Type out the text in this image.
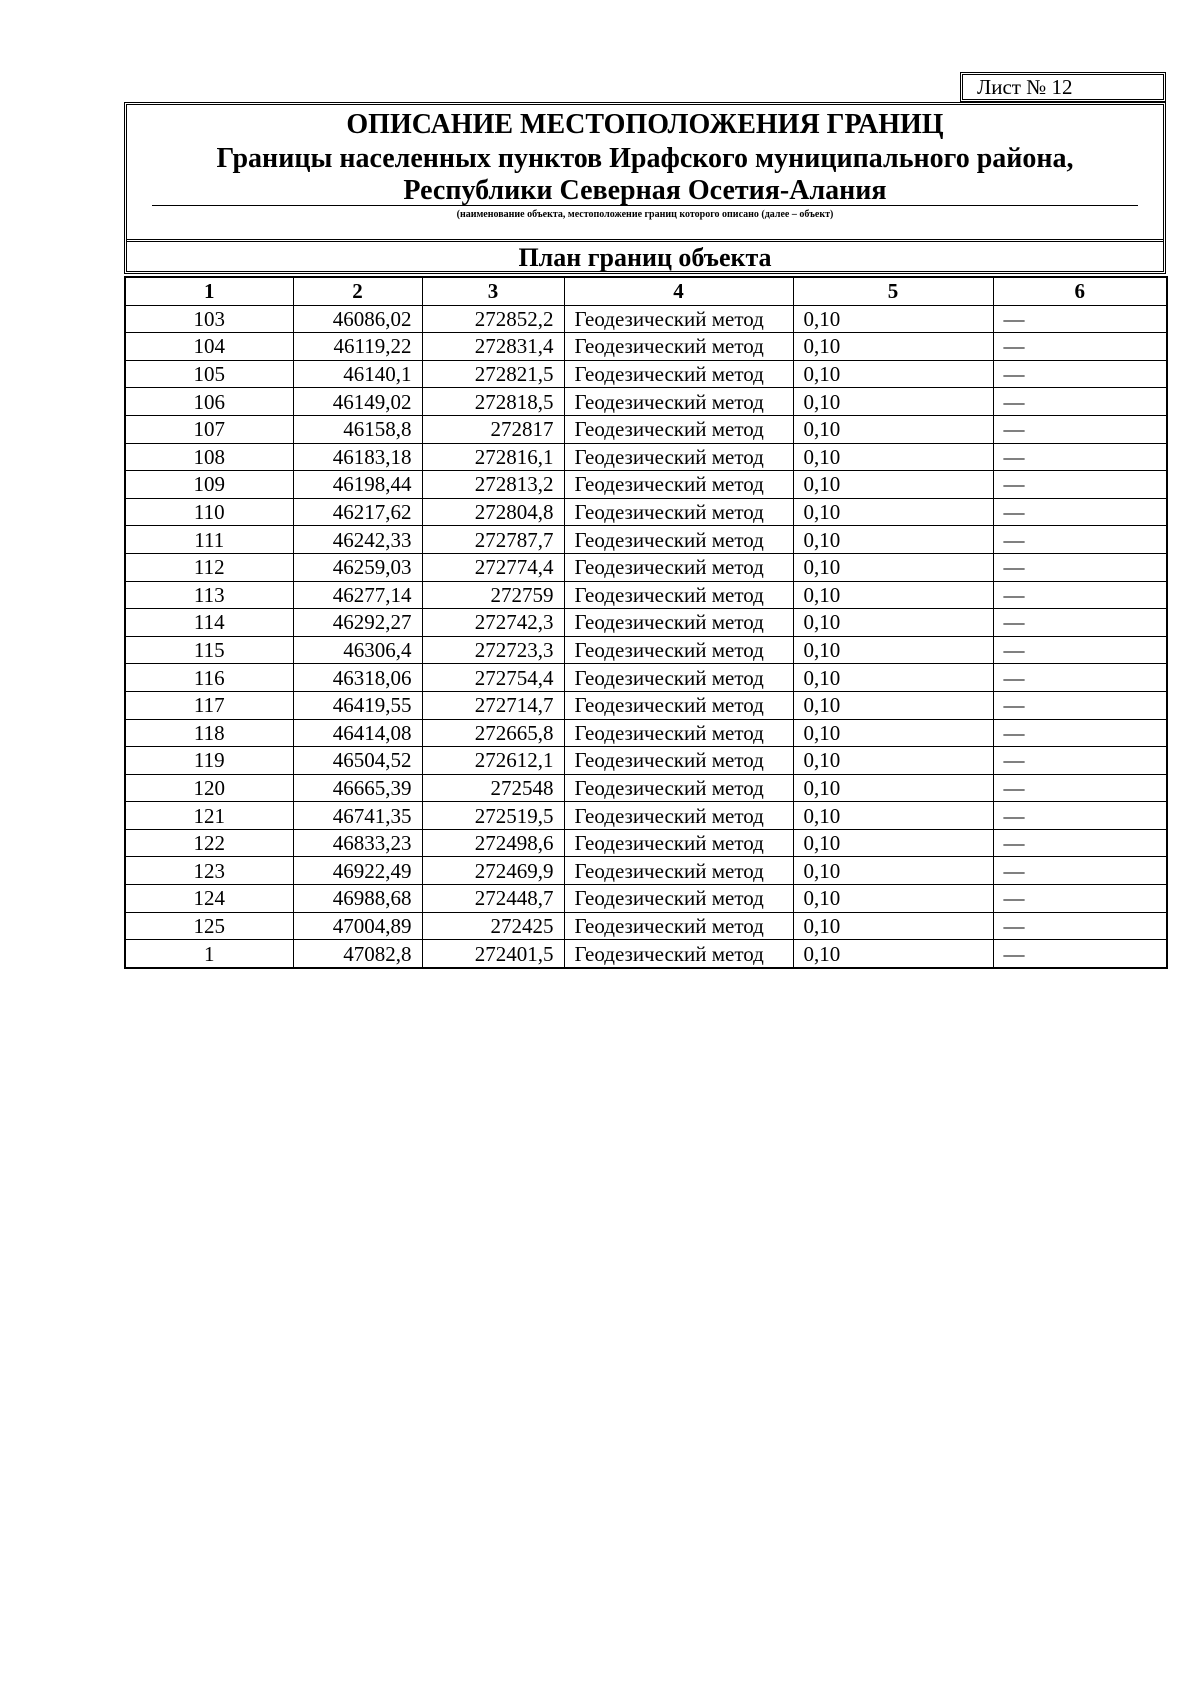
Лист № 12
ОПИСАНИЕ МЕСТОПОЛОЖЕНИЯ ГРАНИЦ
Границы населенных пунктов Ирафского муниципального района,
Республики Северная Осетия-Алания
(наименование объекта, местоположение границ которого описано (далее – объект)
План границ объекта
1	2	3	4	5	6
103	46086,02	272852,2	Геодезический метод	0,10	—
104	46119,22	272831,4	Геодезический метод	0,10	—
105	46140,1	272821,5	Геодезический метод	0,10	—
106	46149,02	272818,5	Геодезический метод	0,10	—
107	46158,8	272817	Геодезический метод	0,10	—
108	46183,18	272816,1	Геодезический метод	0,10	—
109	46198,44	272813,2	Геодезический метод	0,10	—
110	46217,62	272804,8	Геодезический метод	0,10	—
111	46242,33	272787,7	Геодезический метод	0,10	—
112	46259,03	272774,4	Геодезический метод	0,10	—
113	46277,14	272759	Геодезический метод	0,10	—
114	46292,27	272742,3	Геодезический метод	0,10	—
115	46306,4	272723,3	Геодезический метод	0,10	—
116	46318,06	272754,4	Геодезический метод	0,10	—
117	46419,55	272714,7	Геодезический метод	0,10	—
118	46414,08	272665,8	Геодезический метод	0,10	—
119	46504,52	272612,1	Геодезический метод	0,10	—
120	46665,39	272548	Геодезический метод	0,10	—
121	46741,35	272519,5	Геодезический метод	0,10	—
122	46833,23	272498,6	Геодезический метод	0,10	—
123	46922,49	272469,9	Геодезический метод	0,10	—
124	46988,68	272448,7	Геодезический метод	0,10	—
125	47004,89	272425	Геодезический метод	0,10	—
1	47082,8	272401,5	Геодезический метод	0,10	—
